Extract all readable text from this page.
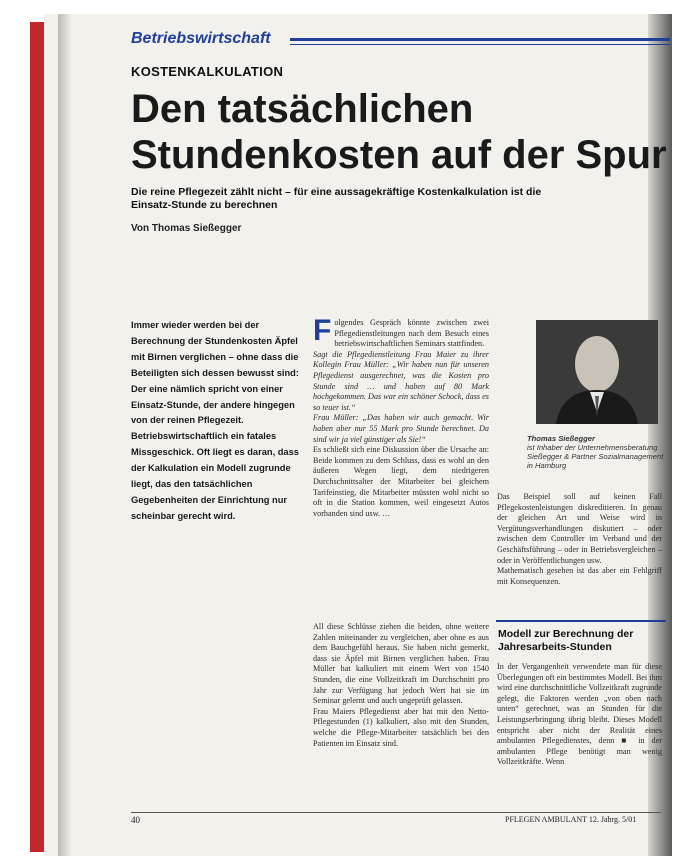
Betriebswirtschaft
KOSTENKALKULATION
Den tatsächlichen
Stundenkosten auf der Spur
Die reine Pflegezeit zählt nicht – für eine aussagekräftige Kostenkalkulation ist die Einsatz-Stunde zu berechnen
Von Thomas Sießegger
Immer wieder werden bei der Berechnung der Stundenkosten Äpfel mit Birnen verglichen – ohne dass die Beteiligten sich dessen bewusst sind: Der eine nämlich spricht von einer Einsatz-Stunde, der andere hingegen von der reinen Pflegezeit. Betriebswirtschaftlich ein fatales Missgeschick. Oft liegt es daran, dass der Kalkulation ein Modell zugrunde liegt, das den tatsächlichen Gegebenheiten der Einrichtung nur scheinbar gerecht wird.
F olgendes Gespräch könnte zwischen zwei Pflegedienstleitungen nach dem Besuch eines betriebswirtschaftlichen Seminars stattfinden.
Sagt die Pflegedienstleitung Frau Maier zu ihrer Kollegin Frau Müller: „Wir haben nun für unseren Pflegedienst ausgerechnet, was die Kosten pro Stunde sind … und haben auf 80 Mark hochgekommen. Das war ein schöner Schock, dass es so teuer ist.“
Frau Müller: „Das haben wir auch gemacht. Wir haben aber nur 55 Mark pro Stunde berechnet. Da sind wir ja viel günstiger als Sie!“
Es schließt sich eine Diskussion über die Ursache an: Beide kommen zu dem Schluss, dass es wohl an den äußeren Wegen liegt, dem niedrigeren Durchschnittsalter der Mitarbeiter bei gleichem Tarifeinstieg, die Mitarbeiter müssten wohl nicht so oft in die Station kommen, weil eingesetzt Autos vorhanden sind usw. …
All diese Schlüsse ziehen die beiden, ohne weitere Zahlen miteinander zu vergleichen, aber ohne es aus dem Bauchgefühl heraus. Sie haben nicht gemerkt, dass sie Äpfel mit Birnen verglichen haben. Frau Müller hat kalkuliert mit einem Wert von 1540 Stunden, die eine Vollzeitkraft im Durchschnitt pro Jahr zur Verfügung hat jedoch Wert hat sie im Seminar gelernt und auch ungeprüft gelassen.
Frau Maiers Pflegedienst aber hat mit den Netto-Pflegestunden (1) kalkuliert, also mit den Stunden, welche die Pflege-Mitarbeiter tatsächlich bei den Patienten im Einsatz sind.
Thomas Sießegger
ist Inhaber der Unternehmensberatung Sießegger & Partner Sozialmanagement in Hamburg
Das Beispiel soll auf keinen Fall Pflegekostenleistungen diskreditieren. In genau der gleichen Art und Weise wird in Vergütungsverhandlungen diskutiert – oder zwischen dem Controller im Verband und der Geschäftsführung – oder in Betriebsvergleichen – oder in Veröffentlichungen usw.
Mathematisch gesehen ist das aber ein Fehlgriff mit Konsequenzen.
Modell zur Berechnung der Jahresarbeits-Stunden
In der Vergangenheit verwendete man für diese Überlegungen oft ein bestimmtes Modell. Bei ihm wird eine durchschnittliche Vollzeitkraft zugrunde gelegt, die Faktoren werden „von oben nach unten“ gerechnet, was an Stunden für die Leistungserbringung übrig bleibt. Dieses Modell entspricht aber nicht der Realität eines ambulanten Pflegedienstes, denn ■ in der ambulanten Pflege benötigt man wenig Vollzeitkräfte. Wenn
40	PFLEGEN AMBULANT 12. Jahrg. 5/01
